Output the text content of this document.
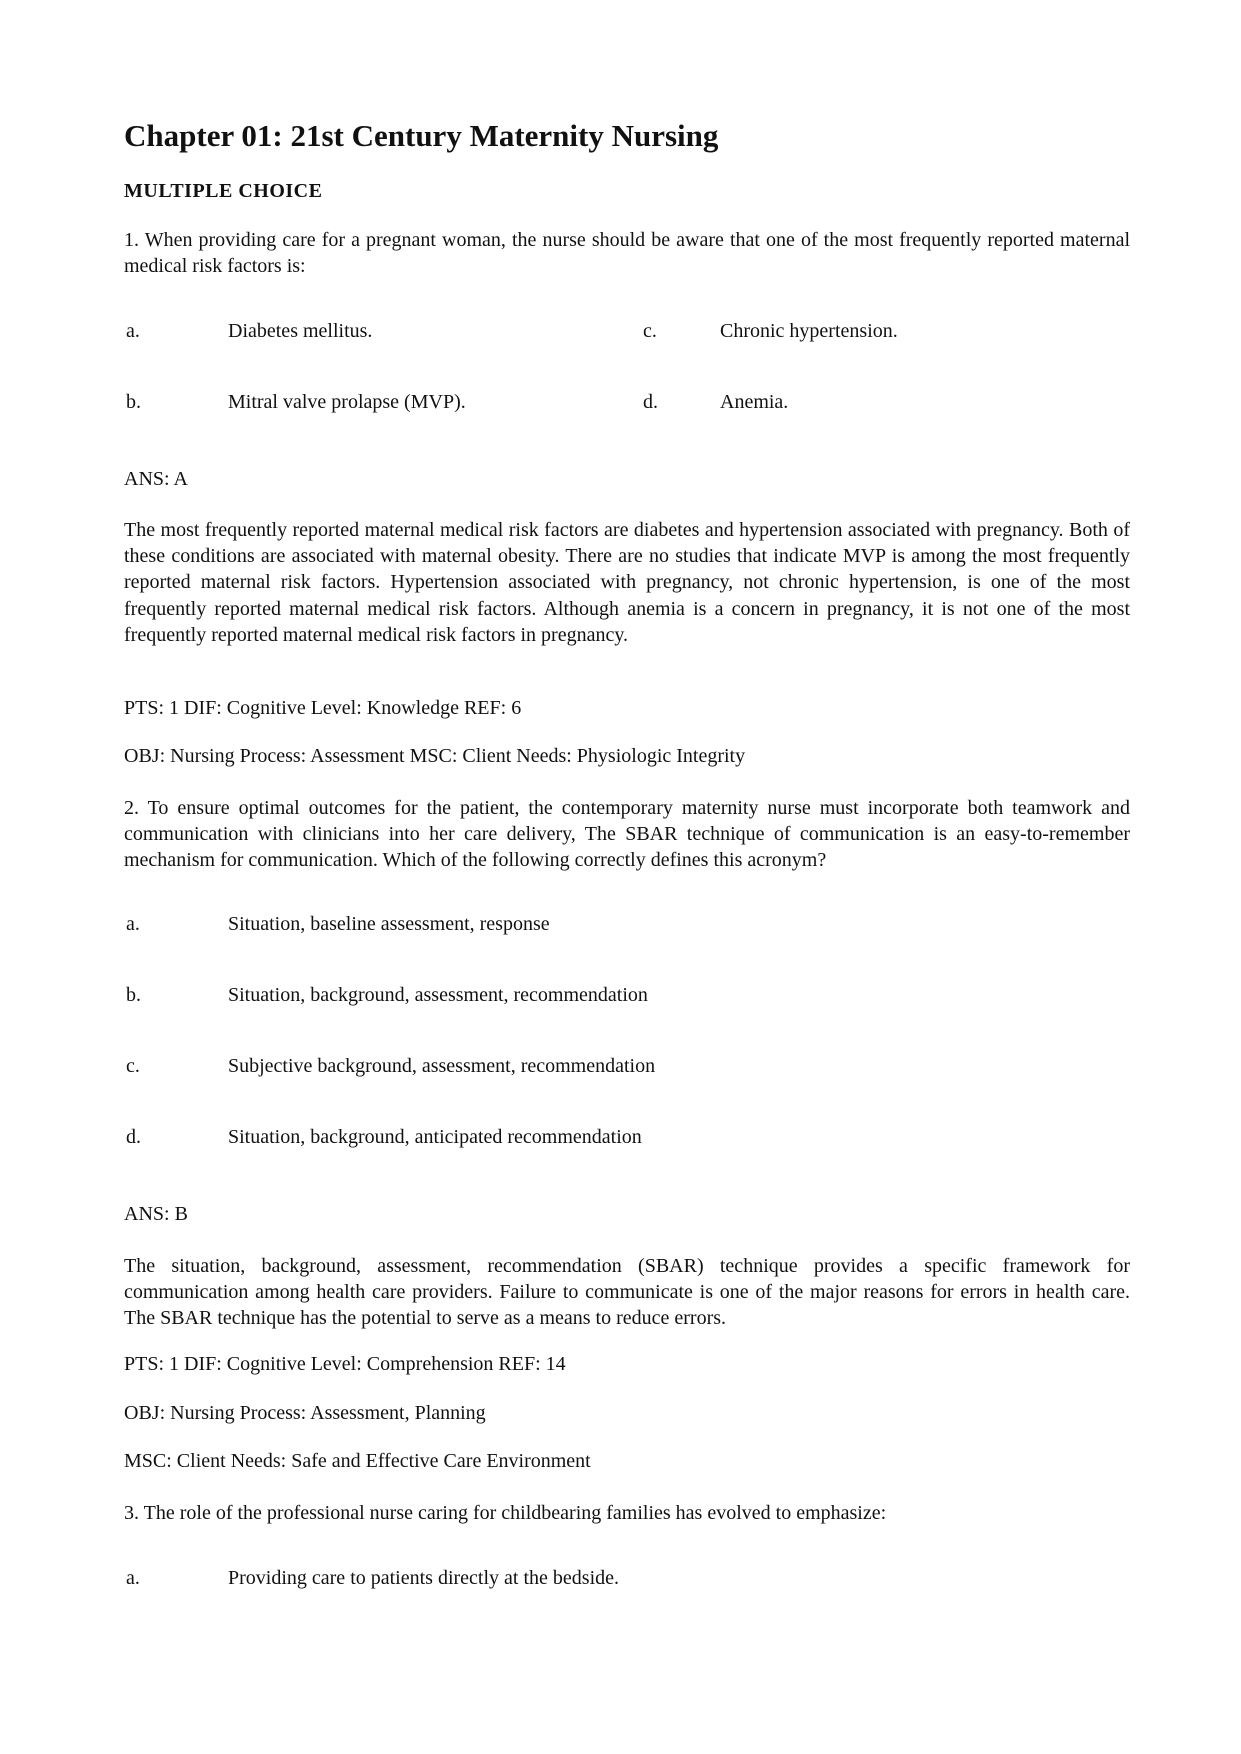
Chapter 01: 21st Century Maternity Nursing
MULTIPLE CHOICE
1. When providing care for a pregnant woman, the nurse should be aware that one of the most frequently reported maternal medical risk factors is:
a.	Diabetes mellitus.	c.	Chronic hypertension.
b.	Mitral valve prolapse (MVP).	d.	Anemia.
ANS: A
The most frequently reported maternal medical risk factors are diabetes and hypertension associated with pregnancy. Both of these conditions are associated with maternal obesity. There are no studies that indicate MVP is among the most frequently reported maternal risk factors. Hypertension associated with pregnancy, not chronic hypertension, is one of the most frequently reported maternal medical risk factors. Although anemia is a concern in pregnancy, it is not one of the most frequently reported maternal medical risk factors in pregnancy.
PTS: 1 DIF: Cognitive Level: Knowledge REF: 6
OBJ: Nursing Process: Assessment MSC: Client Needs: Physiologic Integrity
2. To ensure optimal outcomes for the patient, the contemporary maternity nurse must incorporate both teamwork and communication with clinicians into her care delivery, The SBAR technique of communication is an easy-to-remember mechanism for communication. Which of the following correctly defines this acronym?
a.	Situation, baseline assessment, response
b.	Situation, background, assessment, recommendation
c.	Subjective background, assessment, recommendation
d.	Situation, background, anticipated recommendation
ANS: B
The situation, background, assessment, recommendation (SBAR) technique provides a specific framework for communication among health care providers. Failure to communicate is one of the major reasons for errors in health care. The SBAR technique has the potential to serve as a means to reduce errors.
PTS: 1 DIF: Cognitive Level: Comprehension REF: 14
OBJ: Nursing Process: Assessment, Planning
MSC: Client Needs: Safe and Effective Care Environment
3. The role of the professional nurse caring for childbearing families has evolved to emphasize:
a.	Providing care to patients directly at the bedside.
